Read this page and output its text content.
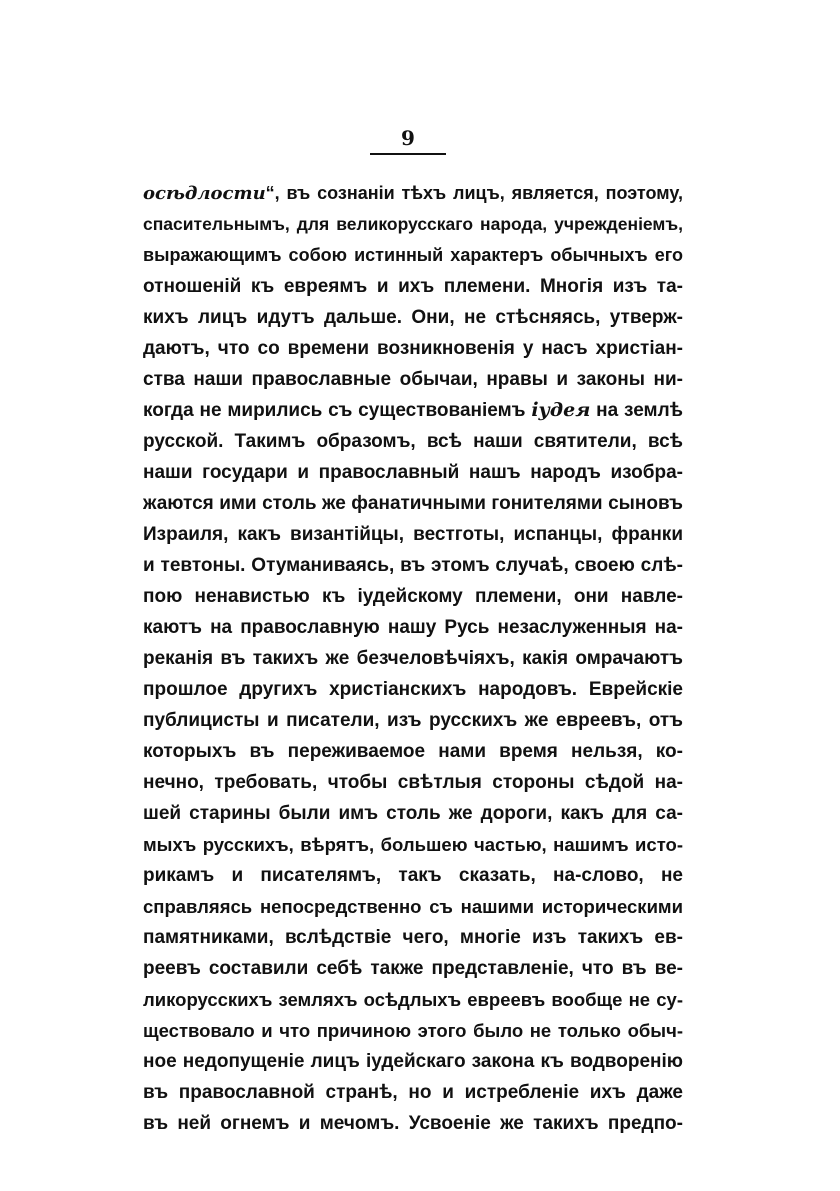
9
осѣдлости“, въ сознаніи тѣхъ лицъ, является, поэтому,
спасительнымъ, для великорусскаго народа, учрежденіемъ,
выражающимъ собою истинный характеръ обычныхъ его
отношеній къ евреямъ и ихъ племени. Многія изъ та-
кихъ лицъ идутъ дальше. Они, не стѣсняясь, утверж-
даютъ, что со времени возникновенія у насъ христіан-
ства наши православные обычаи, нравы и законы ни-
когда не мирились съ существованіемъ іудея на землѣ
русской. Такимъ образомъ, всѣ наши святители, всѣ
наши государи и православный нашъ народъ изобра-
жаются ими столь же фанатичными гонителями сыновъ
Израиля, какъ византійцы, вестготы, испанцы, франки
и тевтоны. Отуманиваясь, въ этомъ случаѣ, своею слѣ-
пою ненавистью къ іудейскому племени, они навле-
каютъ на православную нашу Русь незаслуженныя на-
реканія въ такихъ же безчеловѣчіяхъ, какія омрачаютъ
прошлое другихъ христіанскихъ народовъ. Еврейскіе
публицисты и писатели, изъ русскихъ же евреевъ, отъ
которыхъ въ переживаемое нами время нельзя, ко-
нечно, требовать, чтобы свѣтлыя стороны сѣдой на-
шей старины были имъ столь же дороги, какъ для са-
мыхъ русскихъ, вѣрятъ, большею частью, нашимъ исто-
рикамъ и писателямъ, такъ сказать, на-слово, не
справляясь непосредственно съ нашими историческими
памятниками, вслѣдствіе чего, многіе изъ такихъ ев-
реевъ составили себѣ также представленіе, что въ ве-
ликорусскихъ земляхъ осѣдлыхъ евреевъ вообще не су-
ществовало и что причиною этого было не только обыч-
ное недопущеніе лицъ іудейскаго закона къ водворенію
въ православной странѣ, но и истребленіе ихъ даже
въ ней огнемъ и мечомъ. Усвоеніе же такихъ предпо-
